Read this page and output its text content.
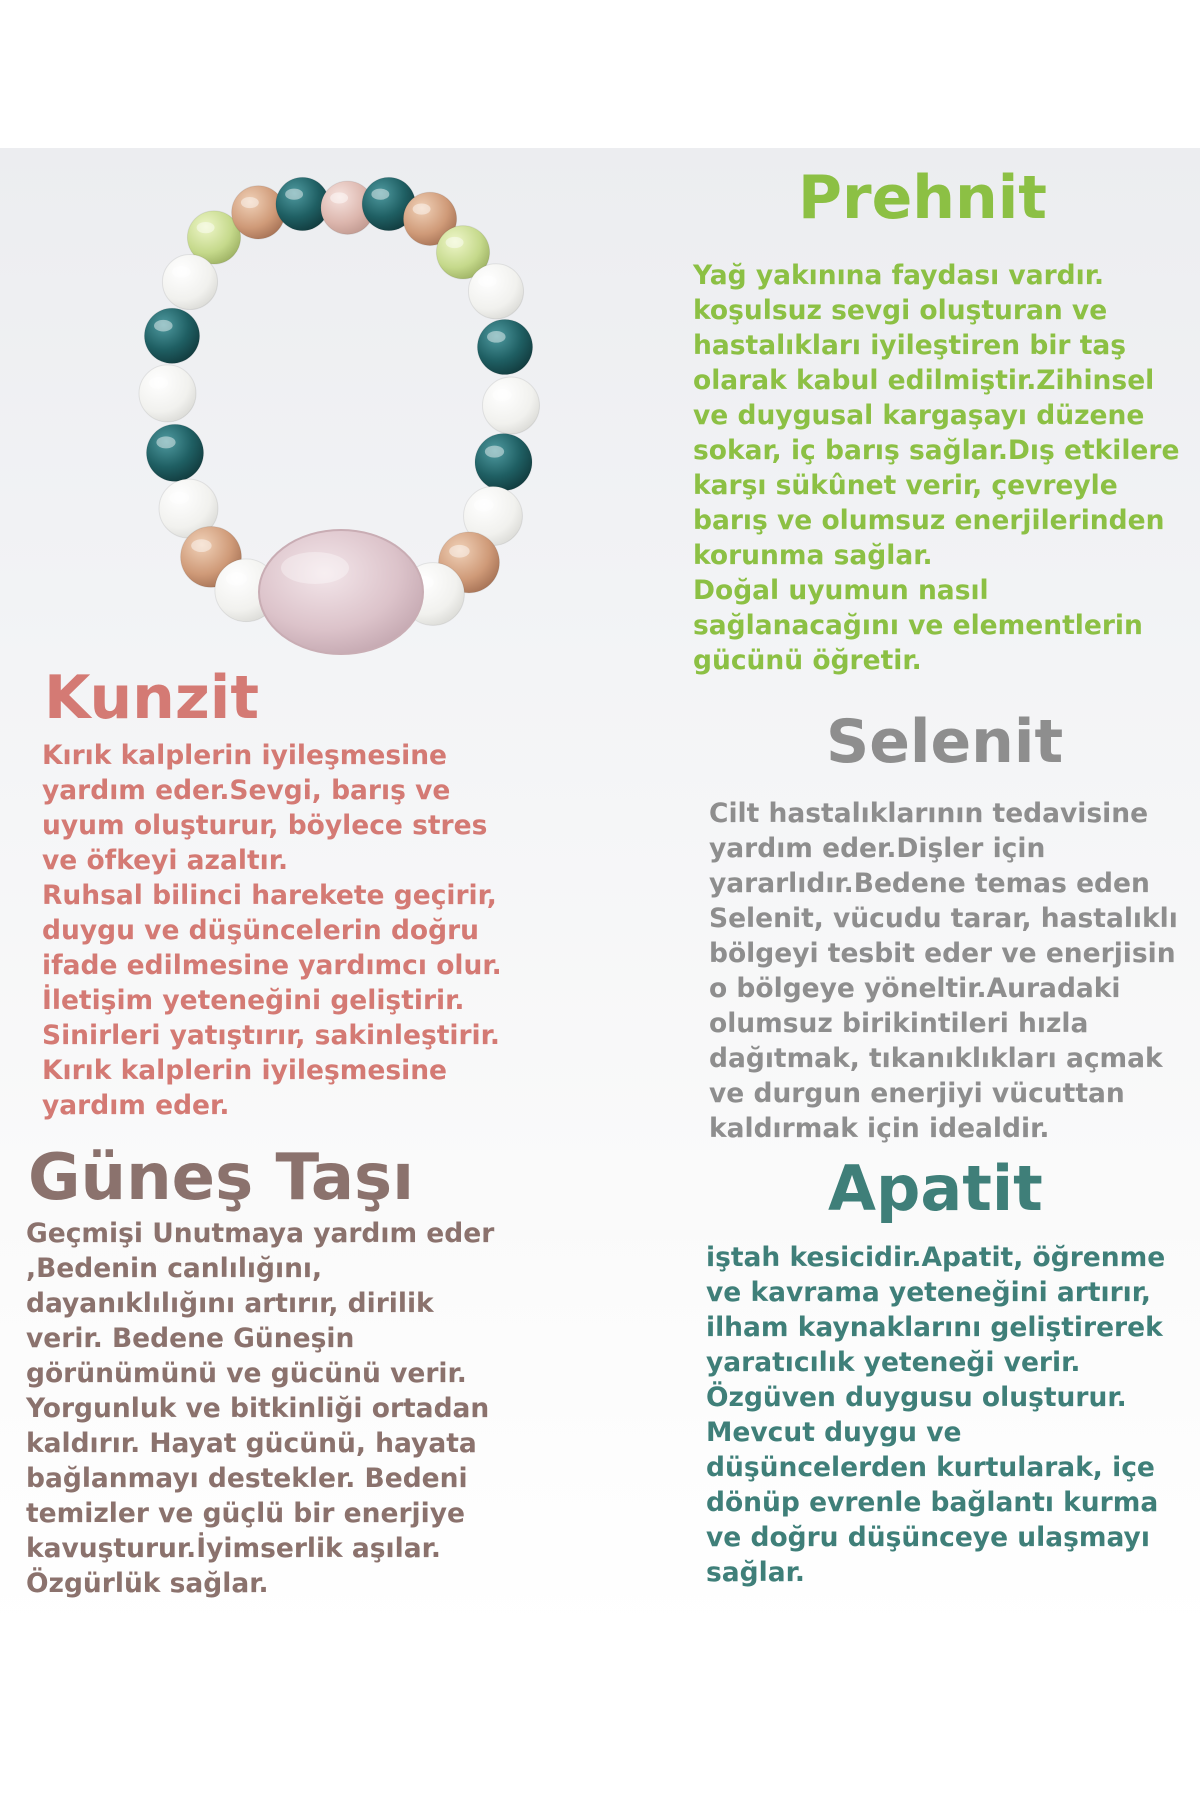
Prehnit

Yağ yakınına faydası vardır.
koşulsuz sevgi oluşturan ve
hastalıkları iyileştiren bir taş
olarak kabul edilmiştir.Zihinsel
ve duygusal kargaşayı düzene
sokar, iç barış sağlar.Dış etkilere
karşı sükûnet verir, çevreyle
barış ve olumsuz enerjilerinden
korunma sağlar.
Doğal uyumun nasıl
sağlanacağını ve elementlerin
gücünü öğretir.

Kunzit

Kırık kalplerin iyileşmesine
yardım eder.Sevgi, barış ve
uyum oluşturur, böylece stres
ve öfkeyi azaltır.
Ruhsal bilinci harekete geçirir,
duygu ve düşüncelerin doğru
ifade edilmesine yardımcı olur.
İletişim yeteneğini geliştirir.
Sinirleri yatıştırır, sakinleştirir.
Kırık kalplerin iyileşmesine
yardım eder.

Selenit

Cilt hastalıklarının tedavisine
yardım eder.Dişler için
yararlıdır.Bedene temas eden
Selenit, vücudu tarar, hastalıklı
bölgeyi tesbit eder ve enerjisin
o bölgeye yöneltir.Auradaki
olumsuz birikintileri hızla
dağıtmak, tıkanıklıkları açmak
ve durgun enerjiyi vücuttan
kaldırmak için idealdir.

Güneş Taşı

Geçmişi Unutmaya yardım eder
,Bedenin canlılığını,
dayanıklılığını artırır, dirilik
verir. Bedene Güneşin
görünümünü ve gücünü verir.
Yorgunluk ve bitkinliği ortadan
kaldırır. Hayat gücünü, hayata
bağlanmayı destekler. Bedeni
temizler ve güçlü bir enerjiye
kavuşturur.İyimserlik aşılar.
Özgürlük sağlar.

Apatit

iştah kesicidir.Apatit, öğrenme
ve kavrama yeteneğini artırır,
ilham kaynaklarını geliştirerek
yaratıcılık yeteneği verir.
Özgüven duygusu oluşturur.
Mevcut duygu ve
düşüncelerden kurtularak, içe
dönüp evrenle bağlantı kurma
ve doğru düşünceye ulaşmayı
sağlar.
